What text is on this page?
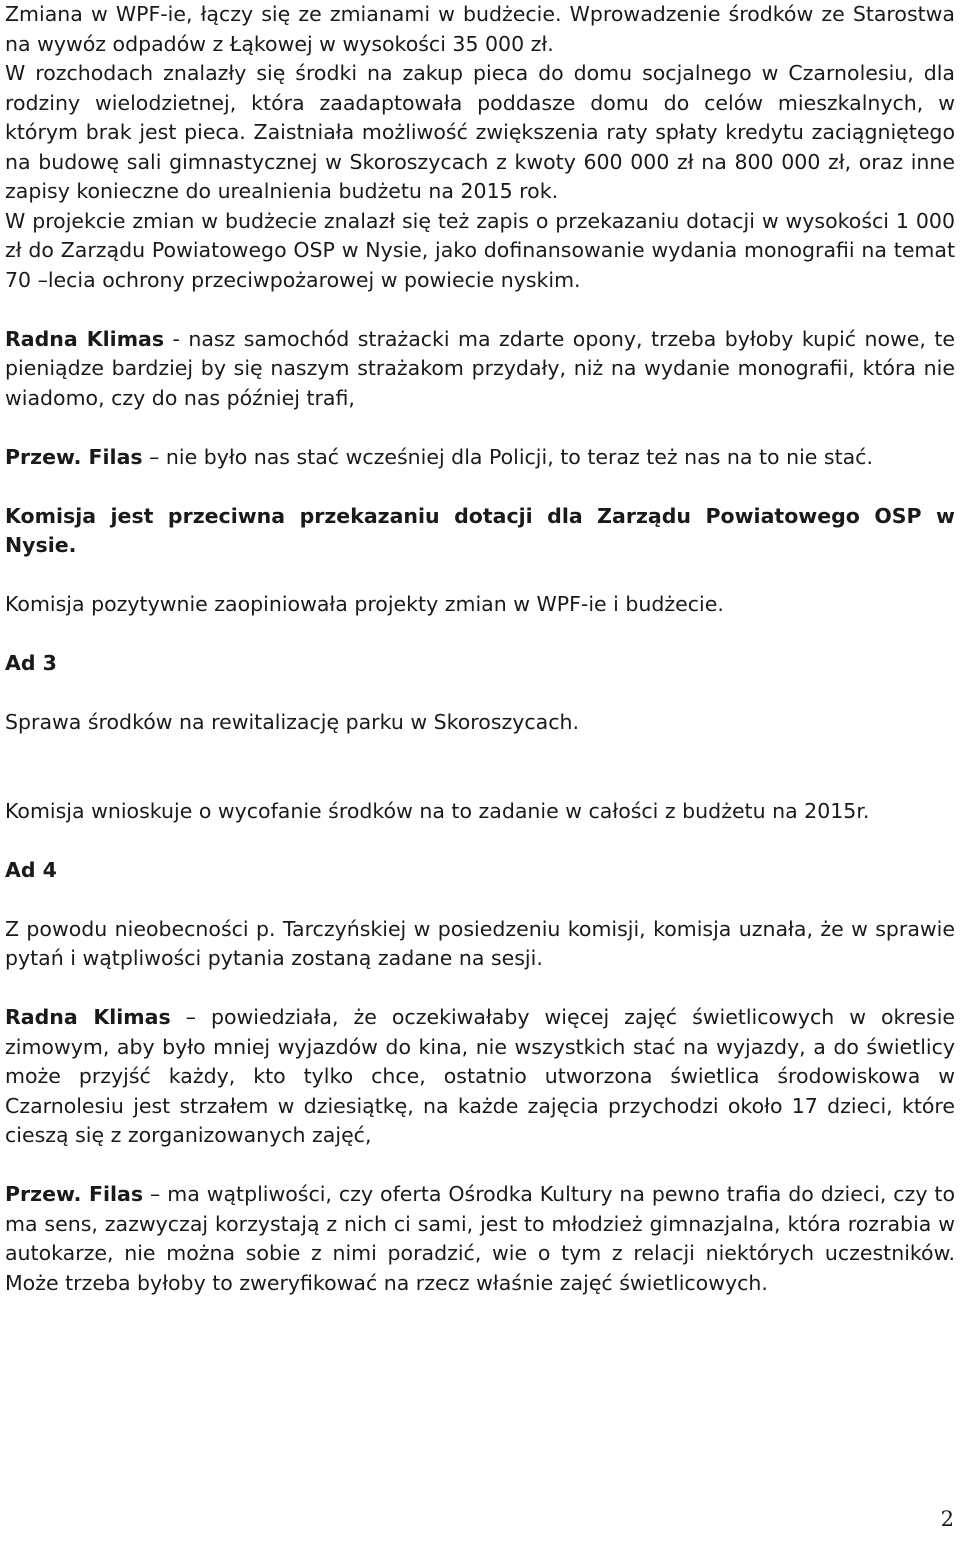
Zmiana w WPF-ie, łączy się ze zmianami w budżecie. Wprowadzenie środków ze Starostwa na wywóz odpadów z Łąkowej w wysokości 35 000 zł.

W rozchodach znalazły się środki na zakup pieca do domu socjalnego w Czarnolesiu, dla rodziny wielodzietnej, która zaadaptowała poddasze domu do celów mieszkalnych, w którym brak jest pieca. Zaistniała możliwość zwiększenia raty spłaty kredytu zaciągniętego na budowę sali gimnastycznej w Skoroszycach z kwoty 600 000 zł na 800 000 zł, oraz inne zapisy konieczne do urealnienia budżetu na 2015 rok.

W projekcie zmian w budżecie znalazł się też zapis o przekazaniu dotacji w wysokości 1 000 zł do Zarządu Powiatowego OSP w Nysie, jako dofinansowanie wydania monografii na temat 70 –lecia ochrony przeciwpożarowej w powiecie nyskim.

Radna Klimas - nasz samochód strażacki ma zdarte opony, trzeba byłoby kupić nowe, te pieniądze bardziej by się naszym strażakom przydały, niż na wydanie monografii, która nie wiadomo, czy do nas później trafi,

Przew. Filas – nie było nas stać wcześniej dla Policji, to teraz też nas na to nie stać.

Komisja jest przeciwna przekazaniu dotacji dla Zarządu Powiatowego OSP w Nysie.

Komisja pozytywnie zaopiniowała projekty zmian w WPF-ie i budżecie.

Ad 3

Sprawa środków na rewitalizację parku w Skoroszycach.

Komisja wnioskuje o wycofanie środków na to zadanie w całości z budżetu na 2015r.

Ad 4

Z powodu nieobecności p. Tarczyńskiej w posiedzeniu komisji, komisja uznała, że w sprawie pytań i wątpliwości pytania zostaną zadane na sesji.

Radna Klimas – powiedziała, że oczekiwałaby więcej zajęć świetlicowych w okresie zimowym, aby było mniej wyjazdów do kina, nie wszystkich stać na wyjazdy, a do świetlicy może przyjść każdy, kto tylko chce, ostatnio utworzona świetlica środowiskowa w Czarnolesiu jest strzałem w dziesiątkę, na każde zajęcia przychodzi około 17 dzieci, które cieszą się z zorganizowanych zajęć,

Przew. Filas – ma wątpliwości, czy oferta Ośrodka Kultury na pewno trafia do dzieci, czy to ma sens, zazwyczaj korzystają z nich ci sami, jest to młodzież gimnazjalna, która rozrabia w autokarze, nie można sobie z nimi poradzić, wie o tym z relacji niektórych uczestników. Może trzeba byłoby to zweryfikować na rzecz właśnie zajęć świetlicowych.

2
